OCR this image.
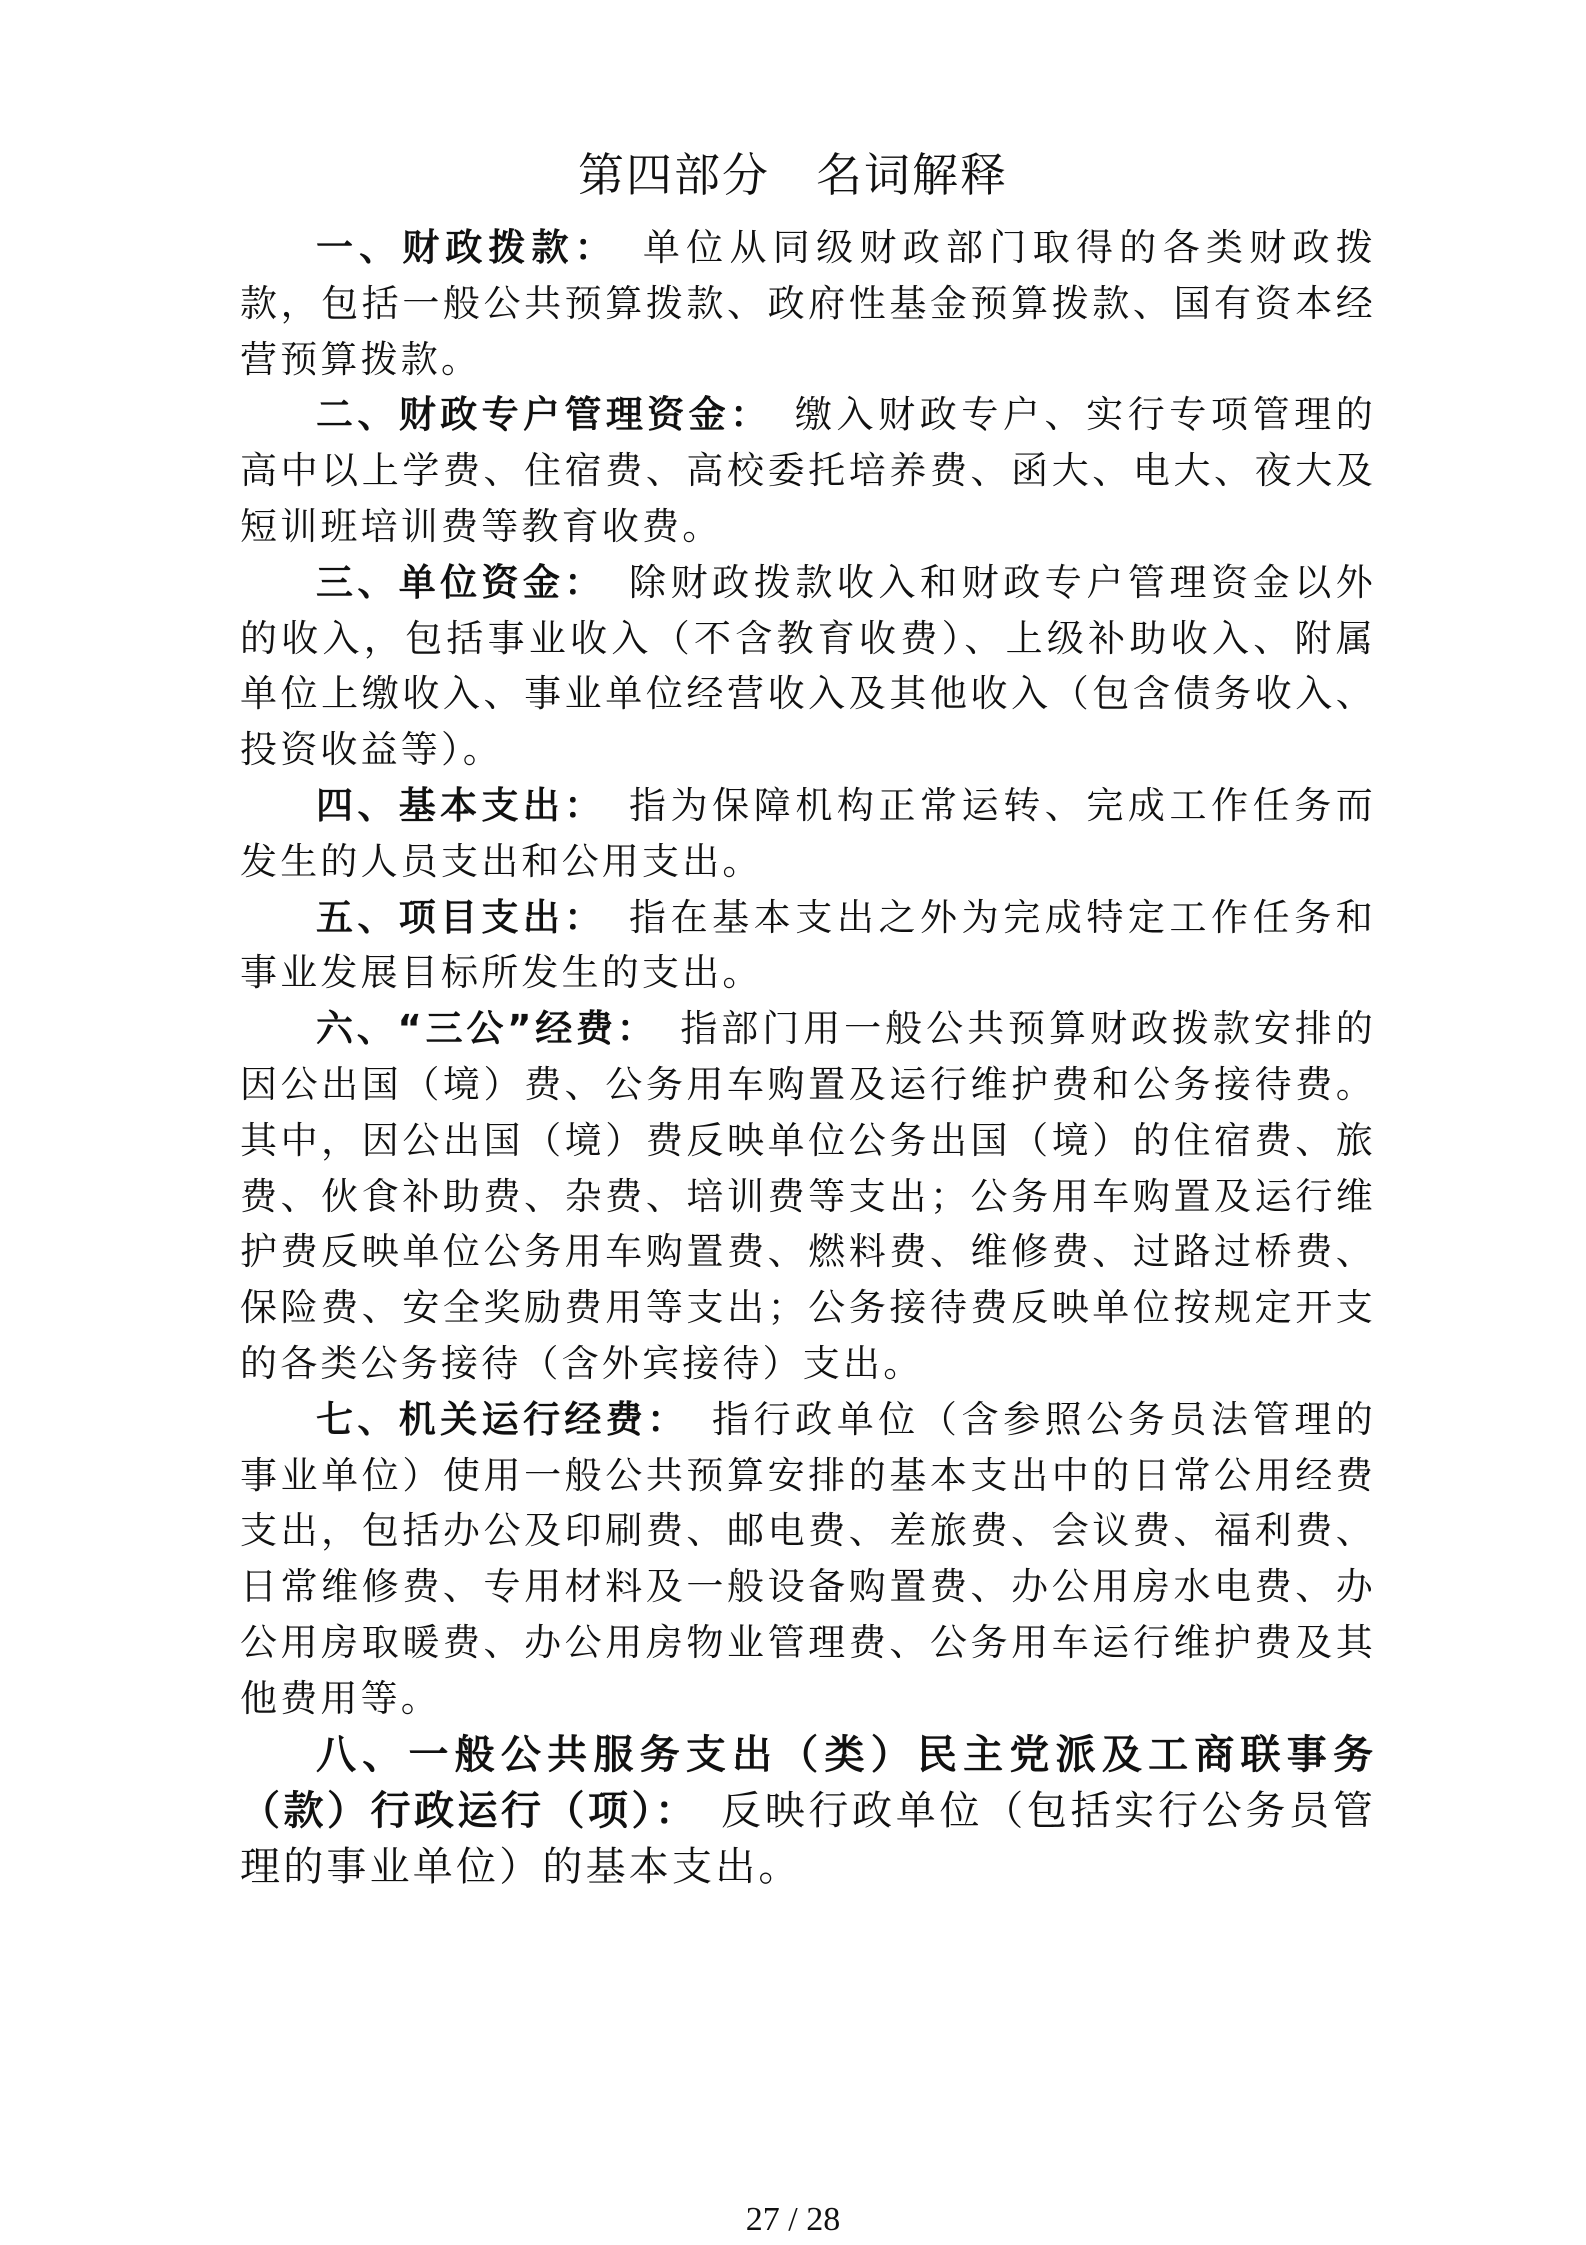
第四部分 名词解释

一、财政拨款： 单位从同级财政部门取得的各类财政拨款，包括一般公共预算拨款、政府性基金预算拨款、国有资本经营预算拨款。

二、财政专户管理资金： 缴入财政专户、实行专项管理的高中以上学费、住宿费、高校委托培养费、函大、电大、夜大及短训班培训费等教育收费。

三、单位资金： 除财政拨款收入和财政专户管理资金以外的收入，包括事业收入（不含教育收费）、上级补助收入、附属单位上缴收入、事业单位经营收入及其他收入（包含债务收入、投资收益等）。

四、基本支出： 指为保障机构正常运转、完成工作任务而发生的人员支出和公用支出。

五、项目支出： 指在基本支出之外为完成特定工作任务和事业发展目标所发生的支出。

六、“三公”经费： 指部门用一般公共预算财政拨款安排的因公出国（境）费、公务用车购置及运行维护费和公务接待费。其中，因公出国（境）费反映单位公务出国（境）的住宿费、旅费、伙食补助费、杂费、培训费等支出；公务用车购置及运行维护费反映单位公务用车购置费、燃料费、维修费、过路过桥费、保险费、安全奖励费用等支出；公务接待费反映单位按规定开支的各类公务接待（含外宾接待）支出。

七、机关运行经费： 指行政单位（含参照公务员法管理的事业单位）使用一般公共预算安排的基本支出中的日常公用经费支出，包括办公及印刷费、邮电费、差旅费、会议费、福利费、日常维修费、专用材料及一般设备购置费、办公用房水电费、办公用房取暖费、办公用房物业管理费、公务用车运行维护费及其他费用等。

八、一般公共服务支出（类）民主党派及工商联事务（款）行政运行（项）： 反映行政单位（包括实行公务员管理的事业单位）的基本支出。

27 / 28
